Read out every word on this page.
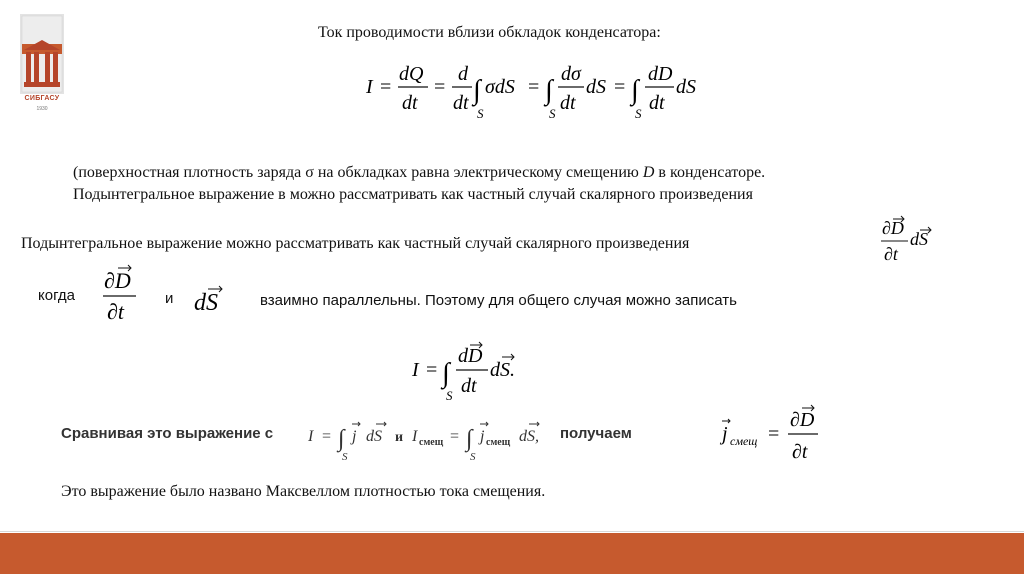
СИБГАСУ
1930
Ток проводимости вблизи обкладок конденсатора:
I =
dQ
dt
=
d
dt ∫
S
σdS = ∫
S
dσ
dt
dS = ∫
S
dD
dt
dS
(поверхностная плотность заряда σ на обкладках равна электрическому смещению D в конденсаторе.
Подынтегральное выражение в можно рассматривать как частный случай скалярного произведения
Подынтегральное выражение можно рассматривать как частный случай скалярного произведения
∂D
∂t
dS
когда
∂D
∂t
и dS	взаимно параллельны. Поэтому для общего случая можно записать
I = ∫
S
dD
dt
dS.
Сравнивая это выражение с I = ∫
S
j dS и I смещ = ∫
S
j смещ dS, получаем	j смещ =
∂D
∂t
Это выражение было названо Максвеллом плотностью тока смещения.
